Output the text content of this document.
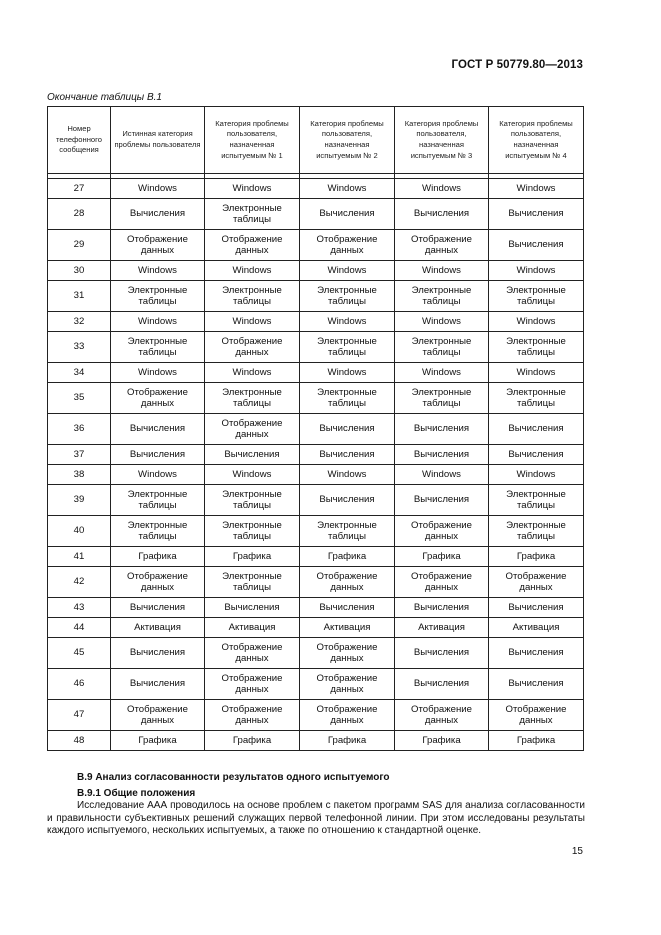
ГОСТ Р 50779.80—2013
Окончание таблицы В.1
Номер телефонного сообщения	Истинная категория проблемы пользователя	Категория проблемы пользователя, назначенная испытуемым № 1	Категория проблемы пользователя, назначенная испытуемым № 2	Категория проблемы пользователя, назначенная испытуемым № 3	Категория проблемы пользователя, назначенная испытуемым № 4

27	Windows	Windows	Windows	Windows	Windows
28	Вычисления	Электронные таблицы	Вычисления	Вычисления	Вычисления
29	Отображение данных	Отображение данных	Отображение данных	Отображение данных	Вычисления
30	Windows	Windows	Windows	Windows	Windows
31	Электронные таблицы	Электронные таблицы	Электронные таблицы	Электронные таблицы	Электронные таблицы
32	Windows	Windows	Windows	Windows	Windows
33	Электронные таблицы	Отображение данных	Электронные таблицы	Электронные таблицы	Электронные таблицы
34	Windows	Windows	Windows	Windows	Windows
35	Отображение данных	Электронные таблицы	Электронные таблицы	Электронные таблицы	Электронные таблицы
36	Вычисления	Отображение данных	Вычисления	Вычисления	Вычисления
37	Вычисления	Вычисления	Вычисления	Вычисления	Вычисления
38	Windows	Windows	Windows	Windows	Windows
39	Электронные таблицы	Электронные таблицы	Вычисления	Вычисления	Электронные таблицы
40	Электронные таблицы	Электронные таблицы	Электронные таблицы	Отображение данных	Электронные таблицы
41	Графика	Графика	Графика	Графика	Графика
42	Отображение данных	Электронные таблицы	Отображение данных	Отображение данных	Отображение данных
43	Вычисления	Вычисления	Вычисления	Вычисления	Вычисления
44	Активация	Активация	Активация	Активация	Активация
45	Вычисления	Отображение данных	Отображение данных	Вычисления	Вычисления
46	Вычисления	Отображение данных	Отображение данных	Вычисления	Вычисления
47	Отображение данных	Отображение данных	Отображение данных	Отображение данных	Отображение данных
48	Графика	Графика	Графика	Графика	Графика
В.9 Анализ согласованности результатов одного испытуемого
В.9.1 Общие положения

Исследование ААА проводилось на основе проблем с пакетом программ SAS для анализа согласованности и правильности субъективных решений служащих первой телефонной линии. При этом исследованы результаты каждого испытуемого, нескольких испытуемых, а также по отношению к стандартной оценке.

15
